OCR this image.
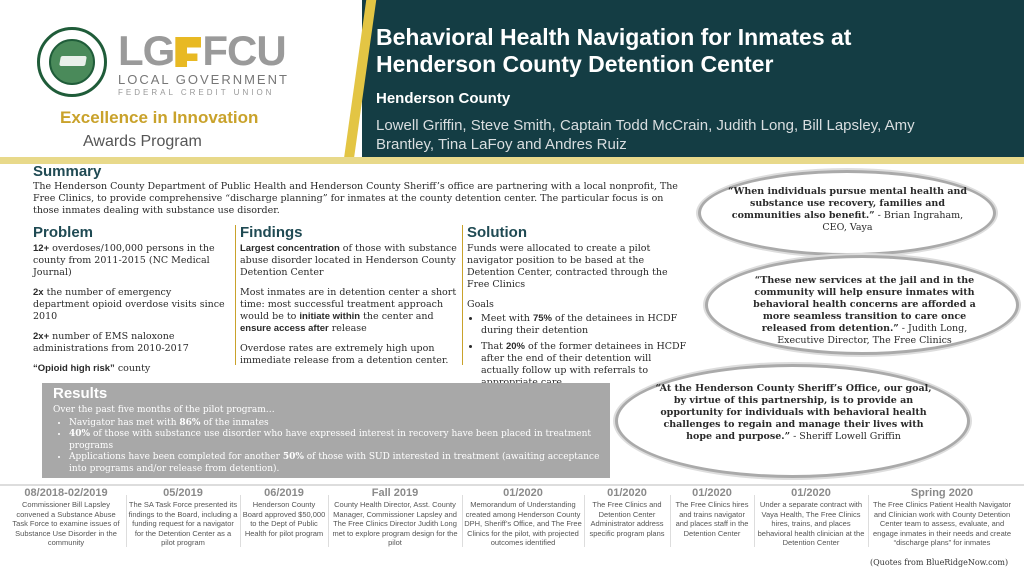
LG FCU
LOCAL GOVERNMENT
FEDERAL CREDIT UNION
Excellence in Innovation
Awards Program
Behavioral Health Navigation for Inmates at Henderson County Detention Center
Henderson County
Lowell Griffin, Steve Smith, Captain Todd McCrain, Judith Long, Bill Lapsley, Amy Brantley, Tina LaFoy and Andres Ruiz
Summary
The Henderson County Department of Public Health and Henderson County Sheriff’s office are partnering with a local nonprofit, The Free Clinics, to provide comprehensive “discharge planning” for inmates at the county detention center. The particular focus is on those inmates dealing with substance use disorder.
Problem

12+ overdoses/100,000 persons in the county from 2011-2015 (NC Medical Journal)

2x the number of emergency department opioid overdose visits since 2010

2x+ number of EMS naloxone administrations from 2010-2017

“Opioid high risk” county

Findings

Largest concentration of those with substance abuse disorder located in Henderson County Detention Center

Most inmates are in detention center a short time: most successful treatment approach would be to initiate within the center and ensure access after release

Overdose rates are extremely high upon immediate release from a detention center.

Solution

Funds were allocated to create a pilot navigator position to be based at the Detention Center, contracted through the Free Clinics

Goals
• Meet with 75% of the detainees in HCDF during their detention
• That 20% of the former detainees in HCDF after the end of their detention will actually follow up with referrals to
“When individuals pursue mental health and substance use recovery, families and communities also benefit.” - Brian Ingraham, CEO, Vaya
“These new services at the jail and in the community will help ensure inmates with behavioral health concerns are afforded a more seamless transition to care once released from detention.” - Judith Long, Executive Director, The Free Clinics
“At the Henderson County Sheriff’s Office, our goal, by virtue of this partnership, is to provide an opportunity for individuals with behavioral health challenges to regain and manage their lives with hope and purpose.” - Sheriff Lowell Griffin
Results
Over the past five months of the pilot program…
• Navigator has met with 86% of the inmates
• 40% of those with substance use disorder who have expressed interest in recovery have been placed in treatment programs
• Applications have been completed for another 50% of those with SUD interested in treatment (awaiting acceptance into programs and/or release from detention).
08/2018-02/2019
Commissioner Bill Lapsley convened a Substance Abuse Task Force to examine issues of Substance Use Disorder in the community
05/2019
The SA Task Force presented its findings to the Board, including a funding request for a navigator for the Detention Center as a pilot program
06/2019
Henderson County Board approved $50,000 to the Dept of Public Health for pilot program
Fall 2019
County Health Director, Asst. County Manager, Commissioner Lapsley and The Free Clinics Director Judith Long met to explore program design for the pilot
01/2020
Memorandum of Understanding created among Henderson County DPH, Sheriff’s Office, and The Free Clinics for the pilot, with projected outcomes identified
01/2020
The Free Clinics and Detention Center Administrator address specific program plans
01/2020
The Free Clinics hires and trains navigator and places staff in the Detention Center
01/2020
Under a separate contract with Vaya Health, The Free Clinics hires, trains, and places behavioral health clinician at the Detention Center
Spring 2020
The Free Clinics Patient Health Navigator and Clinician work with County Detention Center team to assess, evaluate, and engage inmates in their needs and create “discharge plans” for inmates
(Quotes from BlueRidgeNow.com)
